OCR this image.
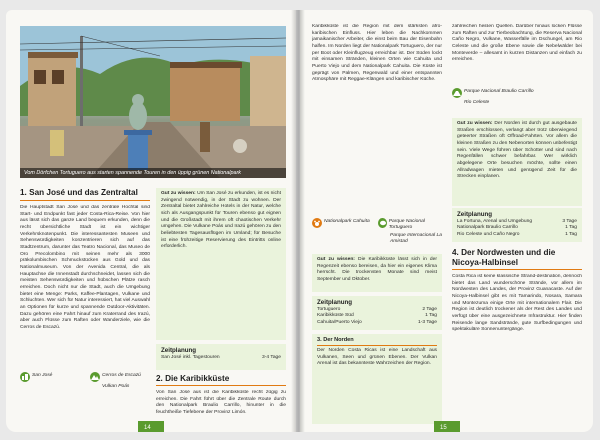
Vom Dörfchen Tortuguero aus starten spannende Touren in den üppig grünen Nationalpark
1. San José und das Zentraltal

Die Hauptstadt San José und das zentrale Hochtal sind Start- und Endpunkt fast jeder Costa-Rica-Reise. Von hier aus lässt sich das ganze Land bequem erkunden, denn die recht übersichtliche Stadt ist ein wichtiger Verkehrsknotenpunkt. Die interessantesten Museen und Sehenswürdigkeiten konzentrieren sich auf das Stadtzentrum, darunter das Teatro Nacional, das Museo de Oro Precolombino mit seinen mehr als 3000 präkolumbischen Schmuckstücken aus Gold und das Nationalmuseum. Von der Avenida Central, die als Hauptachse die Innenstadt durchschneidet, lassen sich die meisten Sehenswürdigkeiten und hübschen Plätze rasch erreichen. Doch nicht nur die Stadt, auch die Umgebung bietet eine Menge: Parks, Kaffee-Plantagen, Vulkane und Schluchten. Wer sich für Natur interessiert, hat viel Auswahl an Optionen für kurze und spannende Outdoor-Aktivitäten. Dazu gehören eine Fahrt hinauf zum Kraterrand des Irazú, aber auch Flüsse zum Raften oder Wanderziele, wie die Cerros de Escazú.

San José	Cerros de Escazú
Vulkan Poás
Gut zu wissen: Um San José zu erkunden, ist es nicht zwingend notwendig, in der Stadt zu wohnen. Der Zentraltal bietet zahlreiche Hotels in der Natur, welche sich als Ausgangspunkt für Touren ebenso gut eignen und die Großstadt mit ihrem oft chaotischen Verkehr umgehen. Die Vulkane Poás und Irazú gehören zu den beliebtesten Tagesausflügen im Umland; für Besuche ist eine frühzeitige Reservierung des Eintritts online erforderlich.
Zeitplanung
San José inkl. Tagestouren	3-4 Tage
2. Die Karibikküste

Von San José aus ist die Karibikküste recht zügig zu erreichen. Die Fahrt führt über die Zentrale Route durch den Nationalpark Braulio Carrillo, hinunter in die feuchtheiße Tiefebene der Provinz Limón.

14

Karibikküste ist die Region mit dem stärksten afro-karibischen Einfluss. Hier leben die Nachkommen jamaikanischer Arbeiter, die einst beim Bau der Eisenbahn halfen. Im Norden liegt der Nationalpark Tortuguero, der nur per Boot oder Kleinflugzeug erreichbar ist. Der Süden lockt mit einsamen Stränden, kleinen Orten wie Cahuita und Puerto Viejo und dem Nationalpark Cahuita. Die Küste ist geprägt von Palmen, Regenwald und einer entspannten Atmosphäre mit Reggae-Klängen und karibischer Küche.

Nationalpark Cahuita	Parque Nacional Tortuguero
Parque Internacional La Amistad
Gut zu wissen: Die Karibikküste lässt sich in der Regenzeit ebenso bereisen, da hier ein eigenes Klima herrscht. Die trockensten Monate sind meist September und Oktober.
Zeitplanung
Tortuguero	2 Tage
Karibikküste Süd	1 Tag
Cahuita/Puerto Viejo	1-3 Tage
3. Der Norden
Der Norden Costa Ricas ist eine Landschaft aus Vulkanen, Seen und grünen Ebenen. Der Vulkan Arenal ist das bekannteste Wahrzeichen der Region.

zahlreichen heißen Quellen. Darüber hinaus locken Flüsse zum Raften und zur Tierbeobachtung, die Reserva Nacional Caño Negro, Vulkane, Wasserfälle im Dschungel, am Rio Celeste und die große Ebene sowie die Nebelwälder bei Monteverde – allesamt in kurzen Distanzen und einfach zu erreichen.

Parque Nacional Braulio Carrillo
Rio Celeste
Gut zu wissen: Der Norden ist durch gut ausgebaute Straßen erschlossen, verlangt aber trotz überwiegend geteerter Straßen oft Offroad-Fahrten. Vor allem die kleinen Straßen zu den Nebenorten können unbefestigt sein. Viele Wege führen über Schotter und sind nach Regenfällen schwer befahrbar. Wer wirklich abgelegene Orte besuchen möchte, sollte einen Allradwagen mieten und genügend Zeit für die Strecken einplanen.
Zeitplanung
La Fortuna, Arenal und Umgebung	3 Tage
Nationalpark Braulio Carrillo	1 Tag
Rio Celeste und Caño Negro	1 Tag
4. Der Nordwesten und die Nicoya-Halbinsel

Costa Rica ist keine klassische Strand-destination, dennoch bietet das Land wunderschöne Strände, vor allem im Nordwesten des Landes, der Provinz Guanacaste. Auf der Nicoya-Halbinsel gibt es mit Tamarindo, Nosara, Samara und Montezuma einige Orte mit internationalem Flair. Die Region ist deutlich trockener als der Rest des Landes und verfügt über eine ausgezeichnete Infrastruktur. Hier finden Reisende lange Sandstrände, gute Surfbedingungen und spektakuläre Sonnenuntergänge.

15
